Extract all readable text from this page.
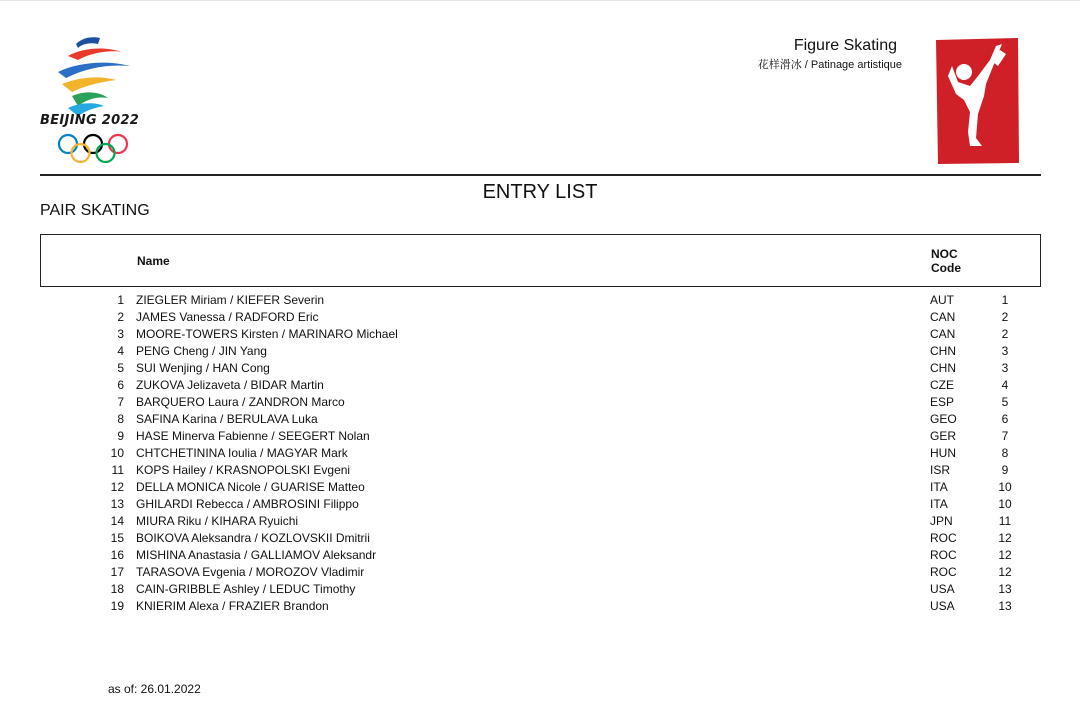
BEIJING 2022
Figure Skating
花样滑冰 / Patinage artistique
ENTRY LIST
PAIR SKATING
Name	NOC
Code
1 ZIEGLER Miriam / KIEFER Severin	AUT	1
2 JAMES Vanessa / RADFORD Eric	CAN	2
3 MOORE-TOWERS Kirsten / MARINARO Michael	CAN	2
4 PENG Cheng / JIN Yang	CHN	3
5 SUI Wenjing / HAN Cong	CHN	3
6 ZUKOVA Jelizaveta / BIDAR Martin	CZE	4
7 BARQUERO Laura / ZANDRON Marco	ESP	5
8 SAFINA Karina / BERULAVA Luka	GEO	6
9 HASE Minerva Fabienne / SEEGERT Nolan	GER	7
10 CHTCHETININA Ioulia / MAGYAR Mark	HUN	8
11 KOPS Hailey / KRASNOPOLSKI Evgeni	ISR	9
12 DELLA MONICA Nicole / GUARISE Matteo	ITA	10
13 GHILARDI Rebecca / AMBROSINI Filippo	ITA	10
14 MIURA Riku / KIHARA Ryuichi	JPN	11
15 BOIKOVA Aleksandra / KOZLOVSKII Dmitrii	ROC	12
16 MISHINA Anastasia / GALLIAMOV Aleksandr	ROC	12
17 TARASOVA Evgenia / MOROZOV Vladimir	ROC	12
18 CAIN-GRIBBLE Ashley / LEDUC Timothy	USA	13
19 KNIERIM Alexa / FRAZIER Brandon	USA	13
as of: 26.01.2022
